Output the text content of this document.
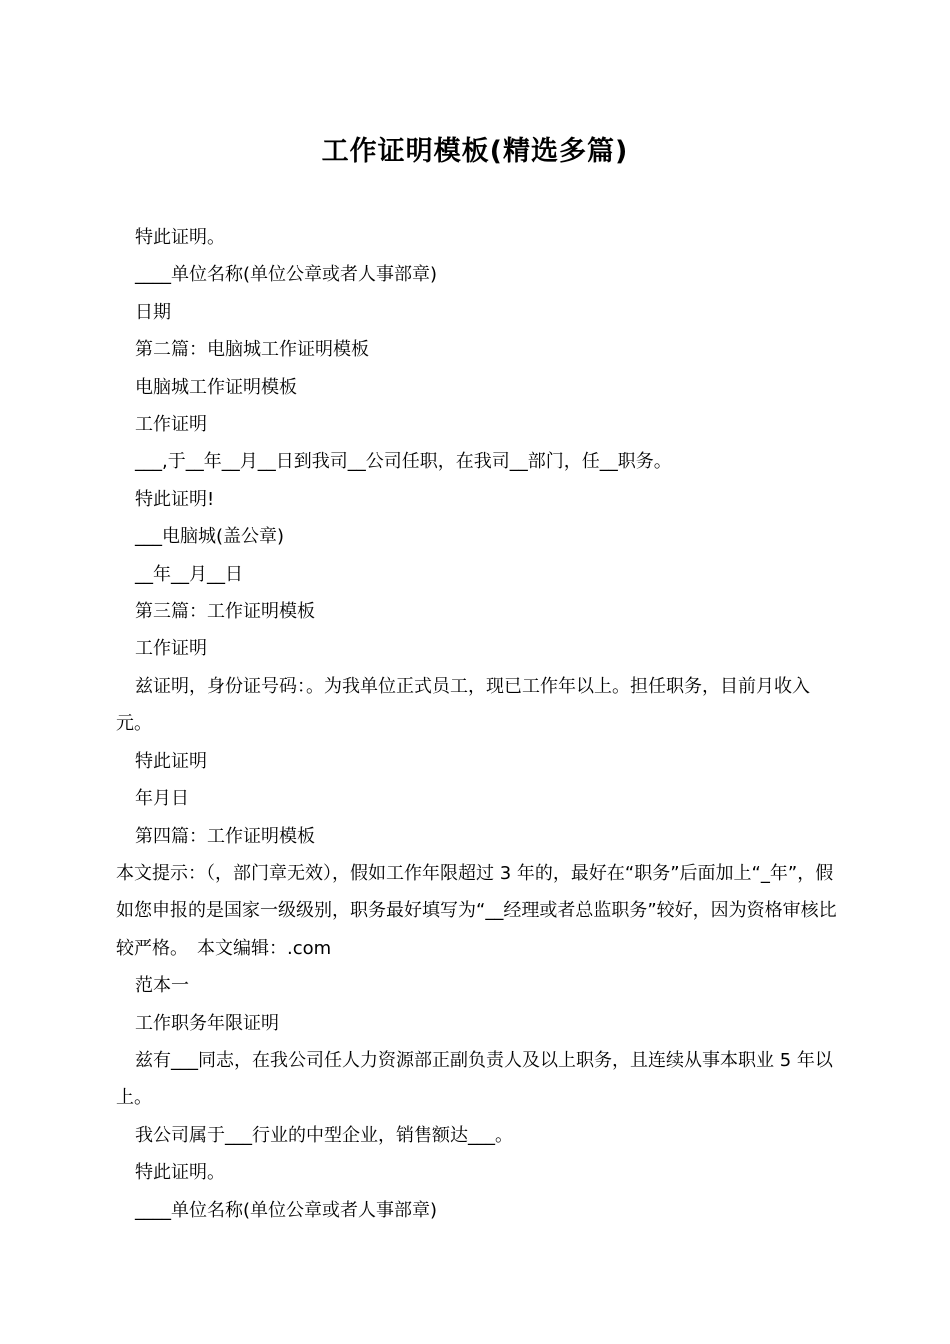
工作证明模板(精选多篇)

特此证明。

____单位名称(单位公章或者人事部章)

日期

第二篇：电脑城工作证明模板

电脑城工作证明模板

工作证明

___,于__年__月__日到我司__公司任职，在我司__部门，任__职务。

特此证明!

___电脑城(盖公章)

__年__月__日

第三篇：工作证明模板

工作证明

兹证明，身份证号码：。为我单位正式员工，现已工作年以上。担任职务，目前月收入元。

特此证明

年月日

第四篇：工作证明模板

本文提示：（，部门章无效），假如工作年限超过 3 年的，最好在“职务”后面加上“_年”，假如您申报的是国家一级级别，职务最好填写为“__经理或者总监职务”较好，因为资格审核比较严格。　本文编辑：.com

范本一

工作职务年限证明

兹有___同志，在我公司任人力资源部正副负责人及以上职务，且连续从事本职业 5 年以上。

我公司属于___行业的中型企业，销售额达___。

特此证明。

____单位名称(单位公章或者人事部章)
